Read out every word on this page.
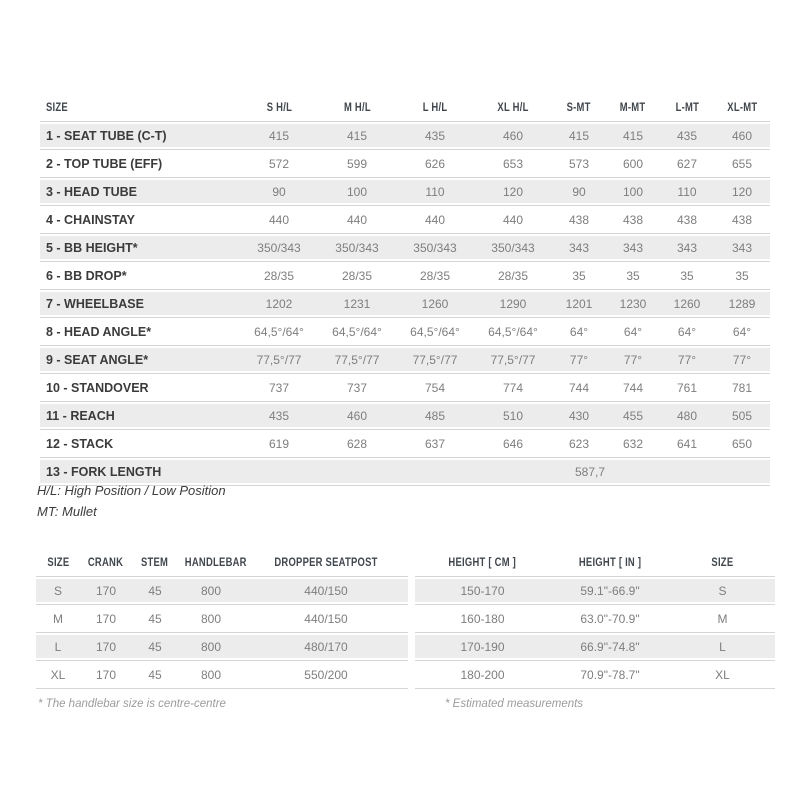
SIZE	S H/L	M H/L	L H/L	XL H/L	S-MT	M-MT	L-MT	XL-MT
1 - SEAT TUBE (C-T)	415	415	435	460	415	415	435	460
2 - TOP TUBE (EFF)	572	599	626	653	573	600	627	655
3 - HEAD TUBE	90	100	110	120	90	100	110	120
4 - CHAINSTAY	440	440	440	440	438	438	438	438
5 - BB HEIGHT*	350/343	350/343	350/343	350/343	343	343	343	343
6 - BB DROP*	28/35	28/35	28/35	28/35	35	35	35	35
7 - WHEELBASE	1202	1231	1260	1290	1201	1230	1260	1289
8 - HEAD ANGLE*	64,5°/64°	64,5°/64°	64,5°/64°	64,5°/64°	64°	64°	64°	64°
9 - SEAT ANGLE*	77,5°/77	77,5°/77	77,5°/77	77,5°/77	77°	77°	77°	77°
10 - STANDOVER	737	737	754	774	744	744	761	781
11 - REACH	435	460	485	510	430	455	480	505
12 - STACK	619	628	637	646	623	632	641	650
13 - FORK LENGTH	587,7							
H/L: High Position / Low Position
MT: Mullet
SIZE	CRANK	STEM	HANDLEBAR	DROPPER SEATPOST
S	170	45	800	440/150
M	170	45	800	440/150
L	170	45	800	480/170
XL	170	45	800	550/200
* The handlebar size is centre-centre
HEIGHT [ CM ]	HEIGHT [ IN ]	SIZE
150-170	59.1"-66.9"	S
160-180	63.0"-70.9"	M
170-190	66.9"-74.8"	L
180-200	70.9"-78.7"	XL
* Estimated measurements
